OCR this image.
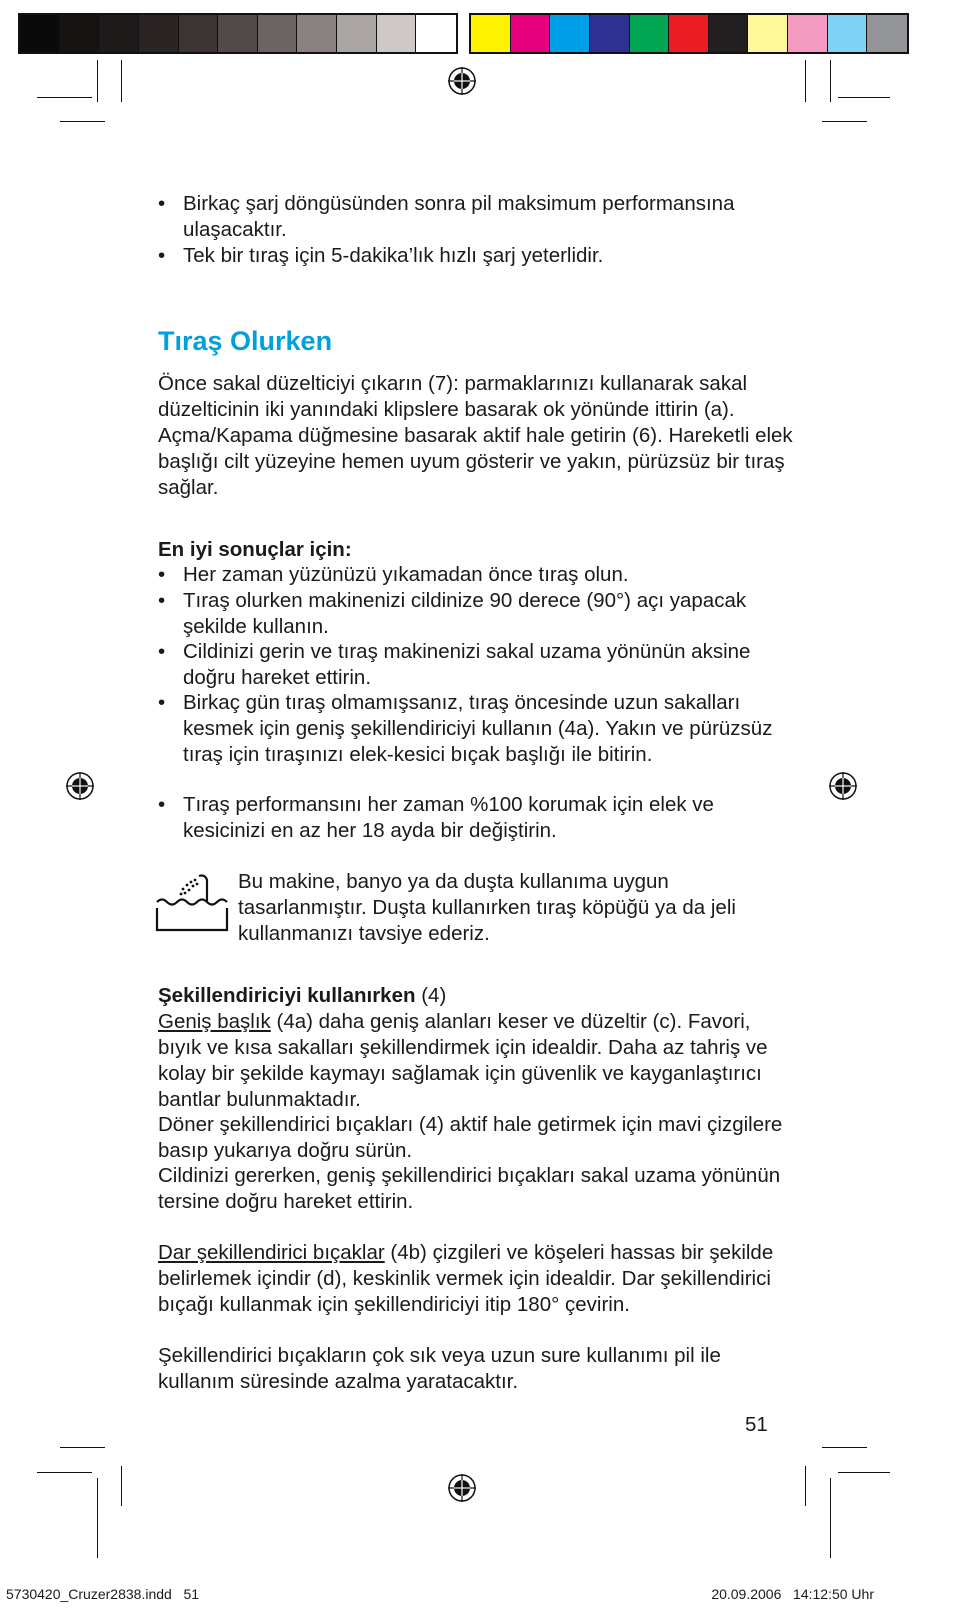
• Birkaç şarj döngüsünden sonra pil maksimum performansına ulaşacaktır.
• Tek bir tıraş için 5-dakika’lık hızlı şarj yeterlidir.
Tıraş Olurken
Önce sakal düzelticiyi çıkarın (7): parmaklarınızı kullanarak sakal düzelticinin iki yanındaki klipslere basarak ok yönünde ittirin (a). Açma/Kapama düğmesine basarak aktif hale getirin (6). Hareketli elek başlığı cilt yüzeyine hemen uyum gösterir ve yakın, pürüzsüz bir tıraş sağlar.
En iyi sonuçlar için:
• Her zaman yüzünüzü yıkamadan önce tıraş olun.
• Tıraş olurken makinenizi cildinize 90 derece (90°) açı yapacak şekilde kullanın.
• Cildinizi gerin ve tıraş makinenizi sakal uzama yönünün aksine doğru hareket ettirin.
• Birkaç gün tıraş olmamışsanız, tıraş öncesinde uzun sakalları kesmek için geniş şekillendiriciyi kullanın (4a). Yakın ve pürüzsüz tıraş için tıraşınızı elek-kesici bıçak başlığı ile bitirin.
• Tıraş performansını her zaman %100 korumak için elek ve kesicinizi en az her 18 ayda bir değiştirin.
Bu makine, banyo ya da duşta kullanıma uygun tasarlanmıştır. Duşta kullanırken tıraş köpüğü ya da jeli kullanmanızı tavsiye ederiz.
Şekillendiriciyi kullanırken (4)
Geniş başlık (4a) daha geniş alanları keser ve düzeltir (c). Favori, bıyık ve kısa sakalları şekillendirmek için idealdir. Daha az tahriş ve kolay bir şekilde kaymayı sağlamak için güvenlik ve kayganlaştırıcı bantlar bulunmaktadır.
Döner şekillendirici bıçakları (4) aktif hale getirmek için mavi çizgilere basıp yukarıya doğru sürün.
Cildinizi gererken, geniş şekillendirici bıçakları sakal uzama yönünün tersine doğru hareket ettirin.
Dar şekillendirici bıçaklar (4b) çizgileri ve köşeleri hassas bir şekilde belirlemek içindir (d), keskinlik vermek için idealdir. Dar şekillendirici bıçağı kullanmak için şekillendiriciyi itip 180° çevirin.
Şekillendirici bıçakların çok sık veya uzun sure kullanımı pil ile kullanım süresinde azalma yaratacaktır.
51
5730420_Cruzer2838.indd   51	20.09.2006   14:12:50 Uhr
